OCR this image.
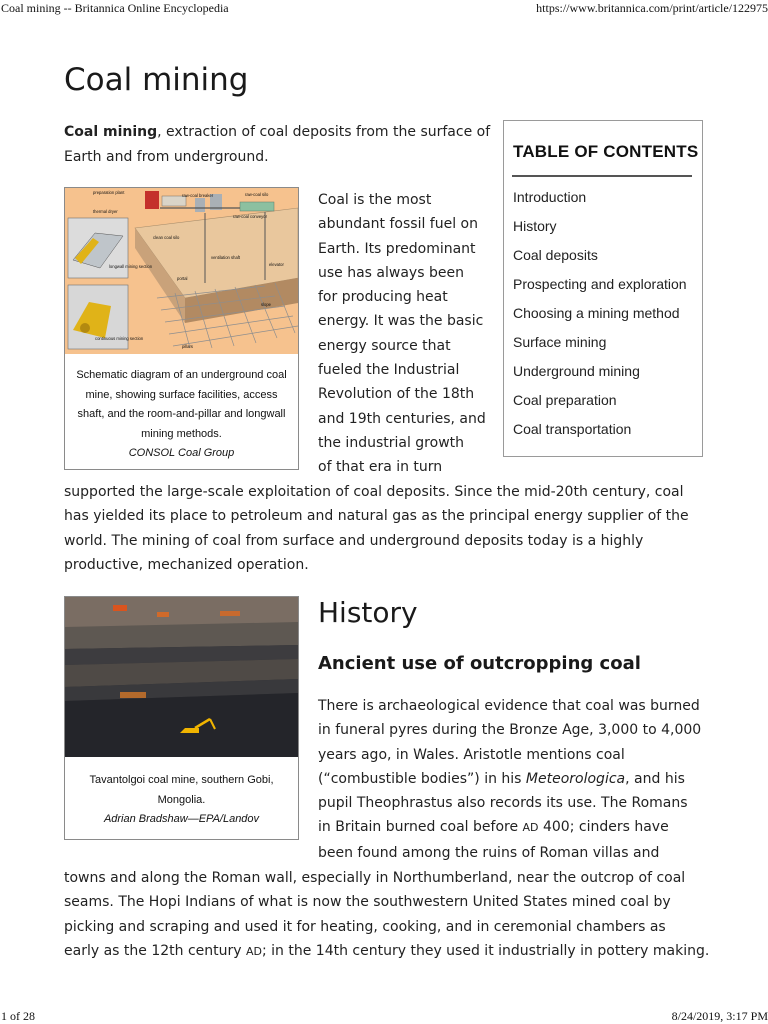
Coal mining -- Britannica Online Encyclopedia	https://www.britannica.com/print/article/122975
Coal mining

Coal mining, extraction of coal deposits from the surface of
Earth and from underground.	TABLE OF CONTENTS
Introduction
History
Coal deposits
Prospecting and exploration
Choosing a mining method
Surface mining
Underground mining
Coal preparation
Coal transportation
preparation plant
raw-coal breaker	raw-coal silo
thermal dryer
clean coal silo
raw-coal conveyor
ventilation shaft
elevator
portal
longwall mining section
slope
continuous mining section
pillars
Schematic diagram of an underground coal
mine, showing surface facilities, access
shaft, and the room-and-pillar and longwall
mining methods.
CONSOL Coal Group
Coal is the most
abundant fossil fuel on
Earth. Its predominant
use has always been
for producing heat
energy. It was the basic
energy source that
fueled the Industrial
Revolution of the 18th
and 19th centuries, and
the industrial growth
of that era in turn
supported the large-scale exploitation of coal deposits. Since the mid-20th century, coal
has yielded its place to petroleum and natural gas as the principal energy supplier of the
world. The mining of coal from surface and underground deposits today is a highly
productive, mechanized operation.
Tavantolgoi coal mine, southern Gobi,
Mongolia.
Adrian Bradshaw—EPA/Landov
History
Ancient use of outcropping coal
There is archaeological evidence that coal was burned
in funeral pyres during the Bronze Age, 3,000 to 4,000
years ago, in Wales. Aristotle mentions coal
(“combustible bodies”) in his Meteorologica, and his
pupil Theophrastus also records its use. The Romans
in Britain burned coal before AD 400; cinders have
been found among the ruins of Roman villas and
towns and along the Roman wall, especially in Northumberland, near the outcrop of coal
seams. The Hopi Indians of what is now the southwestern United States mined coal by
picking and scraping and used it for heating, cooking, and in ceremonial chambers as
early as the 12th century AD; in the 14th century they used it industrially in pottery making.
1 of 28	8/24/2019, 3:17 PM
